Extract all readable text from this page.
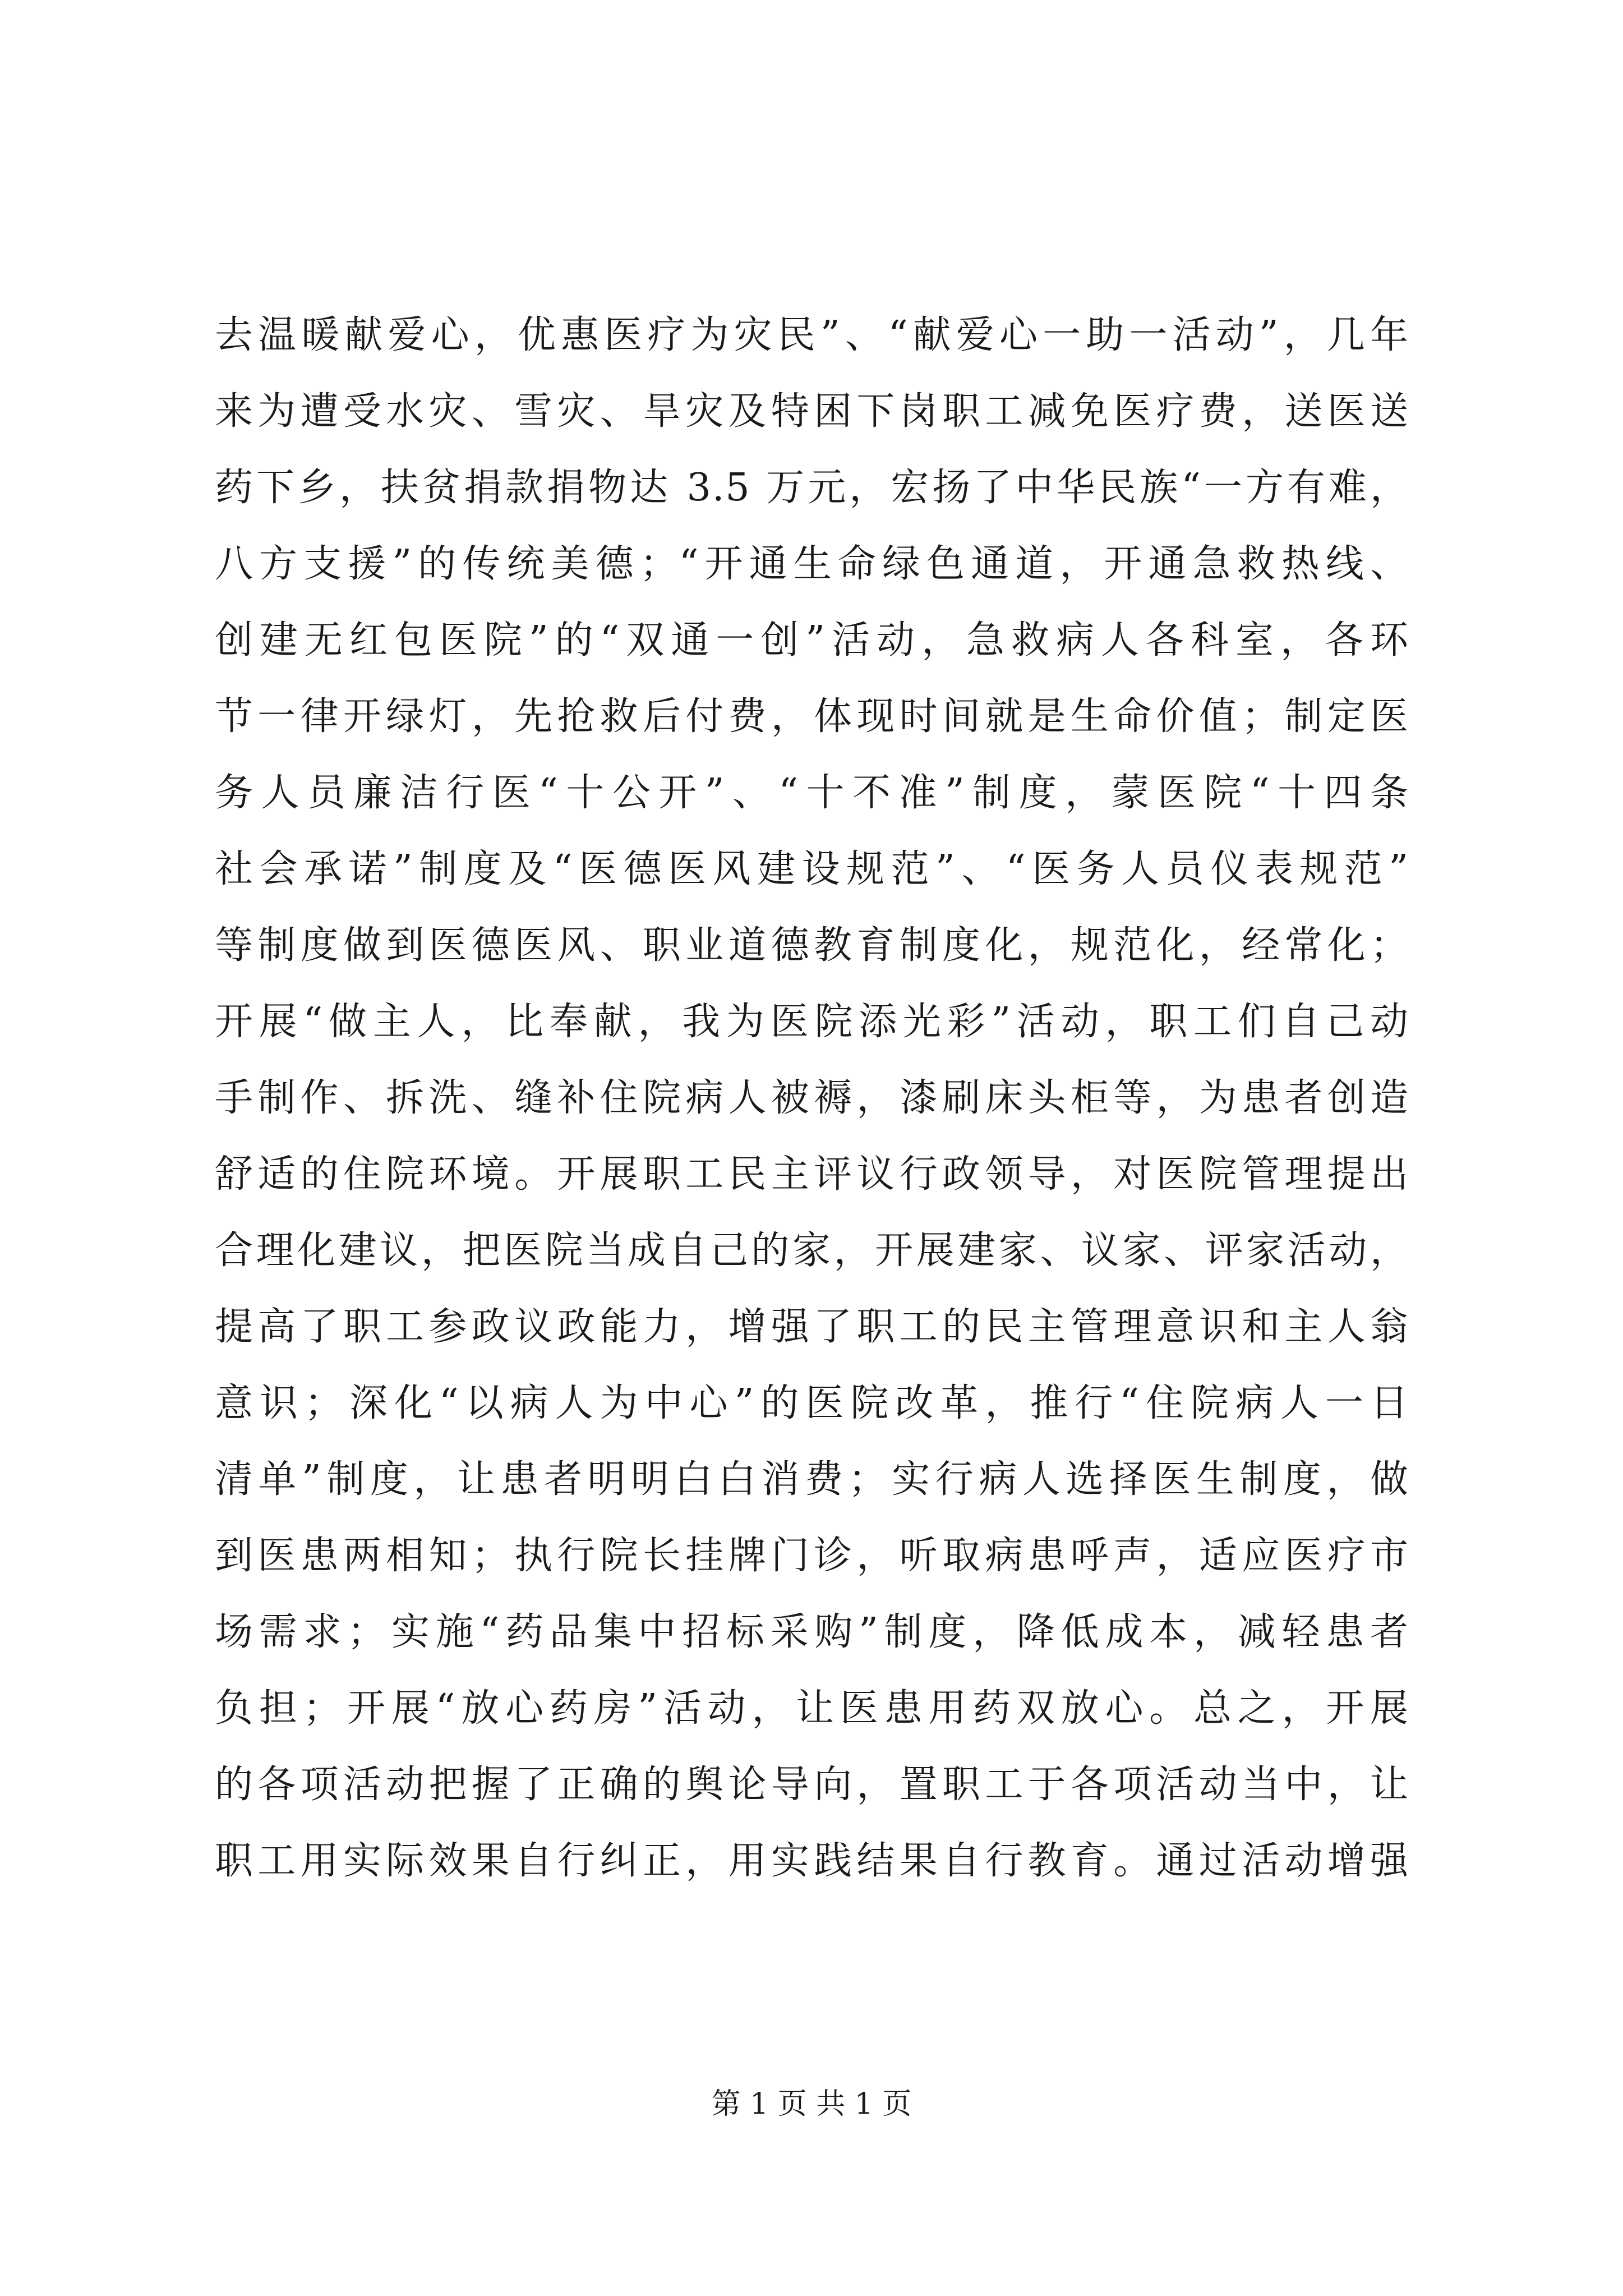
去温暖献爱心，优惠医疗为灾民”、“献爱心一助一活动”，几年
来为遭受水灾、雪灾、旱灾及特困下岗职工减免医疗费，送医送
药下乡，扶贫捐款捐物达 3.5 万元，宏扬了中华民族“一方有难，
八方支援”的传统美德；“开通生命绿色通道，开通急救热线、
创建无红包医院”的“双通一创”活动，急救病人各科室，各环
节一律开绿灯，先抢救后付费，体现时间就是生命价值；制定医
务人员廉洁行医“十公开”、“十不准”制度，蒙医院“十四条
社会承诺”制度及“医德医风建设规范”、“医务人员仪表规范”
等制度做到医德医风、职业道德教育制度化，规范化，经常化；
开展“做主人，比奉献，我为医院添光彩”活动，职工们自己动
手制作、拆洗、缝补住院病人被褥，漆刷床头柜等，为患者创造
舒适的住院环境。开展职工民主评议行政领导，对医院管理提出
合理化建议，把医院当成自己的家，开展建家、议家、评家活动，
提高了职工参政议政能力，增强了职工的民主管理意识和主人翁
意识；深化“以病人为中心”的医院改革，推行“住院病人一日
清单”制度，让患者明明白白消费；实行病人选择医生制度，做
到医患两相知；执行院长挂牌门诊，听取病患呼声，适应医疗市
场需求；实施“药品集中招标采购”制度，降低成本，减轻患者
负担；开展“放心药房”活动，让医患用药双放心。总之，开展
的各项活动把握了正确的舆论导向，置职工于各项活动当中，让
职工用实际效果自行纠正，用实践结果自行教育。通过活动增强
第 1 页 共 1 页
